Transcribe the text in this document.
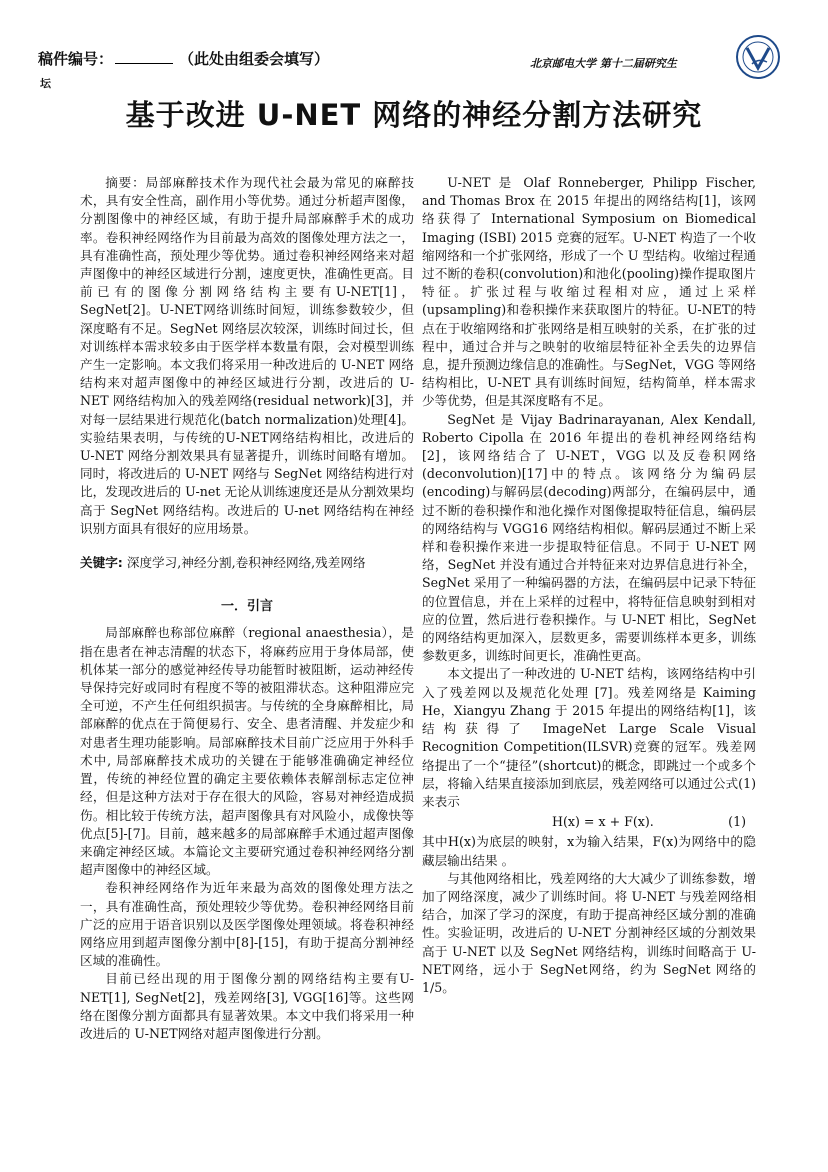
稿件编号：	（此处由组委会填写）
坛
北京邮电大学 第十二届研究生
基于改进 U-NET 网络的神经分割方法研究

摘要：局部麻醉技术作为现代社会最为常见的麻醉技术，具有安全性高，副作用小等优势。通过分析超声图像，分割图像中的神经区域，有助于提升局部麻醉手术的成功率。卷积神经网络作为目前最为高效的图像处理方法之一，具有准确性高，预处理少等优势。通过卷积神经网络来对超声图像中的神经区域进行分割，速度更快，准确性更高。目前已有的图像分割网络结构主要有U-NET[1]，SegNet[2]。U-NET网络训练时间短，训练参数较少，但深度略有不足。SegNet 网络层次较深，训练时间过长，但对训练样本需求较多由于医学样本数量有限，会对模型训练产生一定影响。本文我们将采用一种改进后的 U-NET 网络结构来对超声图像中的神经区域进行分割，改进后的 U-NET 网络结构加入的残差网络(residual network)[3]，并对每一层结果进行规范化(batch normalization)处理[4]。实验结果表明，与传统的U-NET网络结构相比，改进后的U-NET 网络分割效果具有显著提升，训练时间略有增加。同时，将改进后的 U-NET 网络与 SegNet 网络结构进行对比，发现改进后的 U-net 无论从训练速度还是从分割效果均高于 SegNet 网络结构。改进后的 U-net 网络结构在神经识别方面具有很好的应用场景。

关键字: 深度学习,神经分割,卷积神经网络,残差网络

一．引言

局部麻醉也称部位麻醉（regional anaesthesia），是指在患者在神志清醒的状态下，将麻药应用于身体局部，使机体某一部分的感觉神经传导功能暂时被阻断，运动神经传导保持完好或同时有程度不等的被阻滞状态。这种阻滞应完全可逆，不产生任何组织损害。与传统的全身麻醉相比，局部麻醉的优点在于简便易行、安全、患者清醒、并发症少和对患者生理功能影响。局部麻醉技术目前广泛应用于外科手术中, 局部麻醉技术成功的关键在于能够准确确定神经位置，传统的神经位置的确定主要依赖体表解剖标志定位神经，但是这种方法对于存在很大的风险，容易对神经造成损伤。相比较于传统方法，超声图像具有对风险小，成像快等优点[5]-[7]。目前，越来越多的局部麻醉手术通过超声图像来确定神经区域。本篇论文主要研究通过卷积神经网络分割超声图像中的神经区域。

卷积神经网络作为近年来最为高效的图像处理方法之一，具有准确性高，预处理较少等优势。卷积神经网络目前广泛的应用于语音识别以及医学图像处理领域。将卷积神经网络应用到超声图像分割中[8]-[15]，有助于提高分割神经区域的准确性。

目前已经出现的用于图像分割的网络结构主要有U-NET[1], SegNet[2]，残差网络[3], VGG[16]等。这些网络在图像分割方面都具有显著效果。本文中我们将采用一种改进后的 U-NET网络对超声图像进行分割。

U-NET 是 Olaf Ronneberger, Philipp Fischer, and Thomas Brox 在 2015 年提出的网络结构[1]，该网络获得了 International Symposium on Biomedical Imaging (ISBI) 2015 竞赛的冠军。U-NET 构造了一个收缩网络和一个扩张网络，形成了一个 U 型结构。收缩过程通过不断的卷积(convolution)和池化(pooling)操作提取图片特征。扩张过程与收缩过程相对应，通过上采样(upsampling)和卷积操作来获取图片的特征。U-NET的特点在于收缩网络和扩张网络是相互映射的关系，在扩张的过程中，通过合并与之映射的收缩层特征补全丢失的边界信息，提升预测边缘信息的准确性。与SegNet，VGG 等网络结构相比，U-NET 具有训练时间短，结构简单，样本需求少等优势，但是其深度略有不足。

SegNet 是 Vijay Badrinarayanan, Alex Kendall, Roberto Cipolla 在 2016 年提出的卷机神经网络结构[2]，该网络结合了 U-NET，VGG 以及反卷积网络(deconvolution)[17]中的特点。该网络分为编码层(encoding)与解码层(decoding)两部分，在编码层中，通过不断的卷积操作和池化操作对图像提取特征信息，编码层的网络结构与 VGG16 网络结构相似。解码层通过不断上采样和卷积操作来进一步提取特征信息。不同于 U-NET 网络，SegNet 并没有通过合并特征来对边界信息进行补全，SegNet 采用了一种编码器的方法，在编码层中记录下特征的位置信息，并在上采样的过程中，将特征信息映射到相对应的位置，然后进行卷积操作。与 U-NET 相比，SegNet 的网络结构更加深入，层数更多，需要训练样本更多，训练参数更多，训练时间更长，准确性更高。

本文提出了一种改进的 U-NET 结构，该网络结构中引入了残差网以及规范化处理 [7]。残差网络是 Kaiming He，Xiangyu Zhang 于 2015 年提出的网络结构[1]，该结构获得了 ImageNet Large Scale Visual Recognition Competition(ILSVR)竞赛的冠军。残差网络提出了一个“捷径”(shortcut)的概念，即跳过一个或多个层，将输入结果直接添加到底层，残差网络可以通过公式(1)来表示

H(x) = x + F(x).	(1)

其中H(x)为底层的映射，x为输入结果，F(x)为网络中的隐藏层输出结果 。

与其他网络相比，残差网络的大大减少了训练参数，增加了网络深度，减少了训练时间。将 U-NET 与残差网络相结合，加深了学习的深度，有助于提高神经区域分割的准确性。实验证明，改进后的 U-NET 分割神经区域的分割效果高于 U-NET 以及 SegNet 网络结构，训练时间略高于 U-NET网络，远小于 SegNet网络，约为 SegNet 网络的 1/5。
